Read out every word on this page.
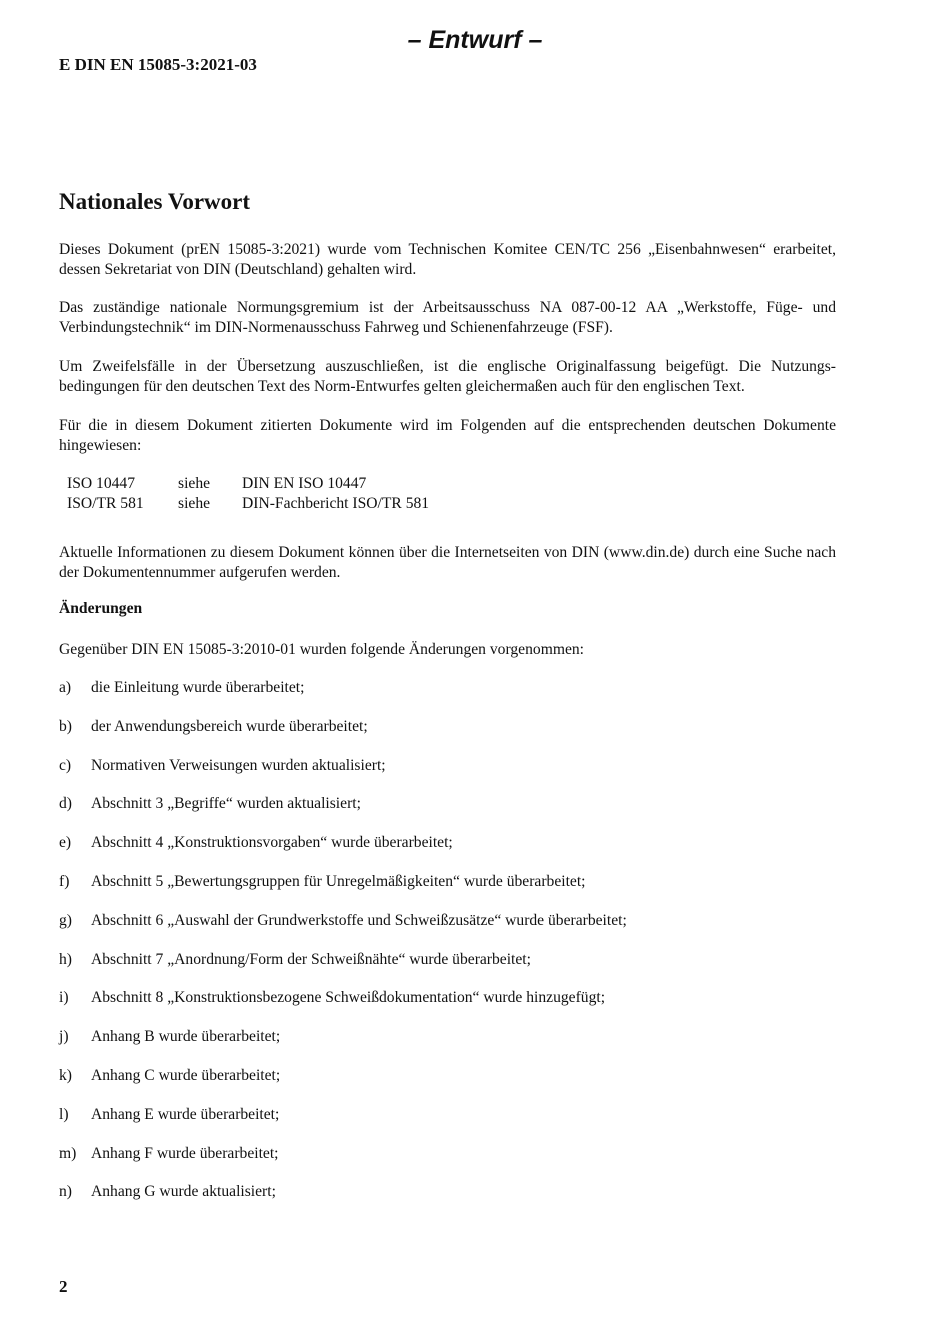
– Entwurf –
E DIN EN 15085-3:2021-03
Nationales Vorwort
Dieses Dokument (prEN 15085-3:2021) wurde vom Technischen Komitee CEN/TC 256 „Eisenbahnwesen“ erarbeitet, dessen Sekretariat von DIN (Deutschland) gehalten wird.
Das zuständige nationale Normungsgremium ist der Arbeitsausschuss NA 087-00-12 AA „Werkstoffe, Füge- und Verbindungstechnik“ im DIN-Normenausschuss Fahrweg und Schienenfahrzeuge (FSF).
Um Zweifelsfälle in der Übersetzung auszuschließen, ist die englische Originalfassung beigefügt. Die Nutzungs-bedingungen für den deutschen Text des Norm-Entwurfes gelten gleichermaßen auch für den englischen Text.
Für die in diesem Dokument zitierten Dokumente wird im Folgenden auf die entsprechenden deutschen Dokumente hingewiesen:
ISO 10447	siehe	DIN EN ISO 10447
ISO/TR 581	siehe	DIN-Fachbericht ISO/TR 581
Aktuelle Informationen zu diesem Dokument können über die Internetseiten von DIN (www.din.de) durch eine Suche nach der Dokumentennummer aufgerufen werden.
Änderungen
Gegenüber DIN EN 15085-3:2010-01 wurden folgende Änderungen vorgenommen:
a)	die Einleitung wurde überarbeitet;
b)	der Anwendungsbereich wurde überarbeitet;
c)	Normativen Verweisungen wurden aktualisiert;
d)	Abschnitt 3 „Begriffe“ wurden aktualisiert;
e)	Abschnitt 4 „Konstruktionsvorgaben“ wurde überarbeitet;
f)	Abschnitt 5 „Bewertungsgruppen für Unregelmäßigkeiten“ wurde überarbeitet;
g)	Abschnitt 6 „Auswahl der Grundwerkstoffe und Schweißzusätze“ wurde überarbeitet;
h)	Abschnitt 7 „Anordnung/Form der Schweißnähte“ wurde überarbeitet;
i)	Abschnitt 8 „Konstruktionsbezogene Schweißdokumentation“ wurde hinzugefügt;
j)	Anhang B wurde überarbeitet;
k)	Anhang C wurde überarbeitet;
l)	Anhang E wurde überarbeitet;
m) Anhang F wurde überarbeitet;
n)	Anhang G wurde aktualisiert;
2
